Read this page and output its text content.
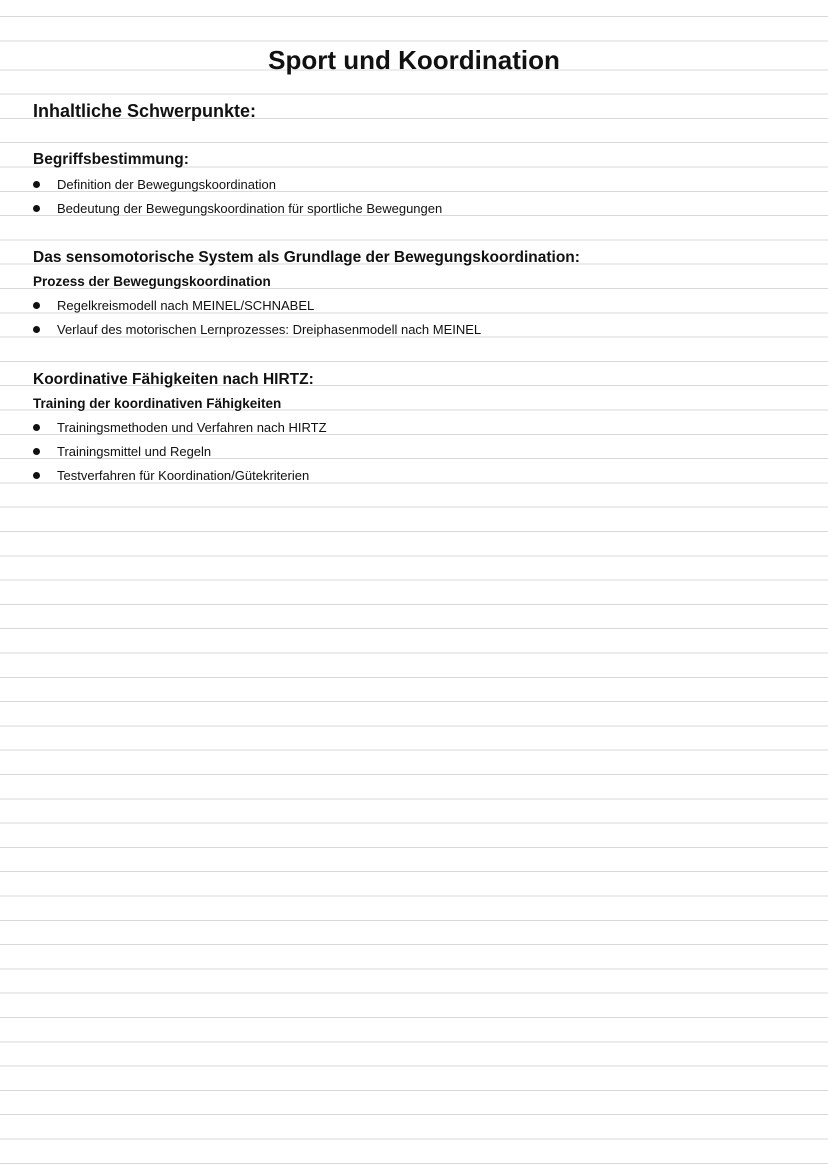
Sport und Koordination
Inhaltliche Schwerpunkte:
Begriffsbestimmung:
Definition der Bewegungskoordination
Bedeutung der Bewegungskoordination für sportliche Bewegungen
Das sensomotorische System als Grundlage der Bewegungskoordination:
Prozess der Bewegungskoordination
Regelkreismodell nach MEINEL/SCHNABEL
Verlauf des motorischen Lernprozesses: Dreiphasenmodell nach MEINEL
Koordinative Fähigkeiten nach HIRTZ:
Training der koordinativen Fähigkeiten
Trainingsmethoden und Verfahren nach HIRTZ
Trainingsmittel und Regeln
Testverfahren für Koordination/Gütekriterien
